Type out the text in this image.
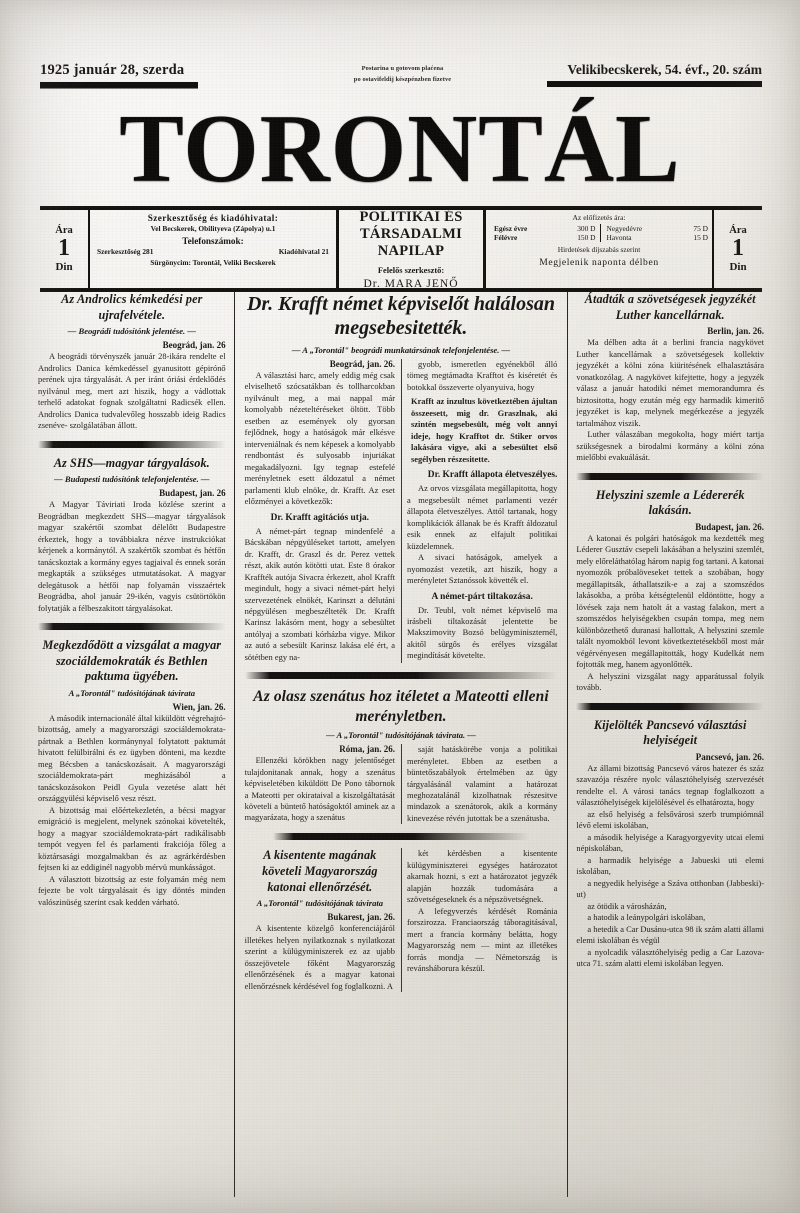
1925 január 28, szerda	Postarina u gotovom plaćena
po ostavifeldij készpénzben fizetve
Velikibecskerek, 54. évf., 20. szám
TORONTÁL
Ára
1
Din
Szerkesztőség és kiadóhivatal:
Vel Becskerek, Obilityeva (Zápolya) u.1
Telefonszámok:
Szerkesztőség 281	Kiadóhivatal 21
Sürgönycim: Torontál, Veliki Becskerek
POLITIKAI ÉS TÁRSADALMI NAPILAP
Felelős szerkesztő:
Dr. MARA JENŐ
Az előfizetés ára:
Egész évre	300 D
Félévre	150 D
Negyedévre	75 D
Havonta	15 D
Hirdetések díjszabás szerint
Megjelenik naponta délben
Ára
1
Din
Az Androlics kémkedési per ujrafelvétele.
— Beográdi tudósítónk jelentése. —
Beográd, jan. 26

A beográdi törvényszék január 28-ikára rendelte el Androlics Danica kémkedéssel gyanusitott gépirónő perének ujra tárgyalását. A per iránt óriási érdeklődés nyilvánul meg, mert azt hiszik, hogy a vádlottak terhelő adatokat fognak szolgáltatni Radicsék ellen. Androlics Danica tudvalevőleg hosszabb ideig Radics zsenéve- szolgálatában állott.

Az SHS—magyar tárgyalások.
— Budapesti tudósítónk telefonjelentése. —
Budapest, jan. 26

A Magyar Táviriati Iroda közlése szerint a Beográdban megkezdett SHS—magyar tárgyalások magyar szakértői szombat délelőtt Budapestre érkeztek, hogy a továbbiakra nézve instrukciókat kérjenek a kormánytól. A szakértők szombat és hétfőn tanácskoztak a kormány egyes tagjaival és ennek során megkapták a szükséges utmutatásokat. A magyar delegátusok a hétfői nap folyamán visszaértek Beográdba, ahol január 29-ikén, vagyis csütörtökön folytatják a félbeszakitott tárgyalásokat.

Megkezdődött a vizsgálat a magyar szociáldemokraták és Bethlen paktuma ügyében.
A „Torontál" tudósitójának távirata
Wien, jan. 26.

A második internacionálé által kiküldött végrehajtó-bizottság, amely a magyarországi szociáldemokrata-pártnak a Bethlen kormánynyal folytatott paktumát hivatott felülbirálni és ez ügyben dönteni, ma kezdte meg Bécsben a tanácskozásait. A magyarországi szociáldemokrata-párt meghizásából a tanácskozásokon Peidl Gyula vezetése alatt hét országgyülési képviselő vesz részt.

A bizottság mai előértekezletén, a bécsi magyar emigráció is megjelent, melynek szónokai követelték, hogy a magyar szociáldemokrata-párt radikálisabb tempót vegyen fel és parlamenti frakciója főleg a köztársasági mozgalmakban és az agrárkérdésben fejtsen ki az eddiginél nagyobb mérvü munkásságot.

A választott bizottság az este folyamán még nem fejezte be volt tárgyalásait és igy döntés minden valószinüség szerint csak kedden várható.

Dr. Krafft német képviselőt halálosan megsebesitették.
— A „Torontál" beográdi munkatársának telefonjelentése. —
Beográd, jan. 26.

A választási harc, amely eddig még csak elviselhető szócsatákban és tollharcokban nyilvánult meg, a mai nappal már komolyabb nézeteltéréseket öltött. Több esetben az események oly gyorsan fejlődnek, hogy a hatóságok már elkésve interveniálnak és nem képesek a komolyabb rendbontást és sulyosabb injuriákat megakadályozni. Igy tegnap estefelé merényletnek esett áldozatul a német parlamenti klub elnöke, dr. Krafft. Az eset előzményei a következők:

Dr. Krafft agitációs utja.

A német-párt tegnap mindenfelé a Bácskában népgyüléseket tartott, amelyen dr. Krafft, dr. Graszl és dr. Perez vettek részt, akik autón kötötti utat. Este 8 órakor Kraffték autója Sivacra érkezett, ahol Krafft megindult, hogy a sivaci német-párt helyi szervezetének elnökét, Karinszt a délutáni népgyülésen megbeszélteték Dr. Krafft Karinsz lakásórn ment, hogy a sebesültet antólyaj a szombati kórházba vigye. Mikor az autó a sebesült Karinsz lakása elé ért, a sötétben egy na-

gyobb, ismeretlen egyénekből álló tömeg megtámadta Krafftot és kiséretét és botokkal összeverte olyanyuiva, hogy

Krafft az inzultus következtében ájultan összeesett, mig dr. Graszlnak, aki szintén megsebesült, még volt annyi ideje, hogy Krafftot dr. Stiker orvos lakására vigye, aki a sebesültet első segélyben részesitette.

Dr. Krafft állapota életveszélyes.

Az orvos vizsgálata megállapitotta, hogy a megsebesült német parlamenti vezér állapota életveszélyes. Attól tartanak, hogy komplikációk állanak be és Krafft áldozatul esik ennek az elfajult politikai küzdelemnek.

A sivaci hatóságok, amelyek a nyomozást vezetik, azt hiszik, hogy a merényletet Sztanóssok követték el.

A német-párt tiltakozása.

Dr. Teubl, volt német képviselő ma irásbeli tiltakozását jelentette be Makszimovity Bozsó belügyminiszternél, akitől sürgős és erélyes vizsgálat megindítását követelte.

Az olasz szenátus hoz itéletet a Mateotti elleni merényletben.
— A „Torontál" tudósitójának távirata. —
Róma, jan. 26.

Ellenzéki körökben nagy jelentőséget tulajdonitanak annak, hogy a szenátus képviseletében kiküldött De Pono tábornok a Mateotti per okirataival a kiszolgáltatását követeli a büntető hatóságoktól aminek az a magyarázata, hogy a szenátus

saját hatáskörébe vonja a politikai merényletet. Ebben az esetben a büntetőszabályok értelmében az ügy tárgyalásánál valamint a határozat meghozatalánál kizolhatnak részesitve mindazok a szenátorok, akik a kormány kinevezése révén jutottak be a szenátusba.

A kisentente magának követeli Magyarország katonai ellenőrzését.
A „Torontál" tudósitójának távirata
Bukarest, jan. 26.

A kisentente közelgő konferenciájáról illetékes helyen nyilatkoznak s nyilatkozat szerint a külügyminiszerek ez az ujabb összejövetele főként Magyarország ellenőrzésének és a magyar katonai ellenőrzésnek kérdésével fog foglalkozni. A

két kérdésben a kisentente külügyminiszterei egységes határozatot akarnak hozni, s ezt a határozatot jegyzék alapján hozzák tudomására a szövetségeseknek és a népszövetségnek.

A lefegyverzés kérdését Románia forszirozza. Franciaország táboragitásával, mert a francia kormány belátta, hogy Magyarország nem — mint az illetékes forrás mondja — Németország is revánsháborura készül.

Átadták a szövetségesek jegyzékét Luther kancellárnak.
Berlin, jan. 26.

Ma délben adta át a berlini francia nagykövet Luther kancellárnak a szövetségesek kollektiv jegyzékét a kölni zóna kiüritésének elhalasztására vonatkozólag. A nagykövet kifejtette, hogy a jegyzék válasz a január hatodiki német memorandumra és biztositotta, hogy ezután még egy harmadik kimeritő jegyzéket is kap, melynek megérkezése a jegyzék tartalmához viszik.

Luther válaszában megokolta, hogy miért tartja szükségesnek a birodalmi kormány a kölni zóna mielőbbi evakuálását.

Helyszini szemle a Lédererék lakásán.
Budapest, jan. 26.

A katonai és polgári hatóságok ma kezdették meg Léderer Gusztáv csepeli lakásában a helyszini szemlét, mely előreláthatólag három napig fog tartani. A katonai nyomozók próbalöveseket tettek a szobában, hogy megállapitsák, áthallatszik-e a zaj a szomszédos lakásokba, a próba kétségtelenül eldöntötte, hogy a lövések zaja nem hatolt át a vastag falakon, mert a szomszédos helyiségekben csupán tompa, meg nem különbözethető duranasi hallottak, A helyszini szemle talált nyomokból levont következtetésekből most már végérvényesen megállapitották, hogy Kudelkát nem fojtották meg, hanem agyonlőtték.

A helyszini vizsgálat nagy apparátussal folyik tovább.

Kijelölték Pancsevó választási helyiségeit
Pancsevó, jan. 26.

Az állami bizottság Pancsevó város hatezer és száz szavazója részére nyolc választóhelyiség szervezését rendelte el. A városi tanács tegnap foglalkozott a választóhelyiségek kijelölésével és elhatározta, hogy

az első helyiség a felsővárosi szerb trumpiómnál lévő elemi iskolában,

a második helyisége a Karagyorgyevity utcai elemi népiskolában,

a harmadik helyisége a Jabueski uti elemi iskolában,

a negyedik helyisége a Száva otthonban (Jabbeski)-ut)

az ötödik a városházán,

a hatodik a leánypolgári iskolában,

a hetedik a Car Dusánu-utca 98 ik szám alatti állami elemi iskolában és végül

a nyolcadik választóhelyiség pedig a Car Lazova-utca 71. szám alatti elemi iskolában legyen.
